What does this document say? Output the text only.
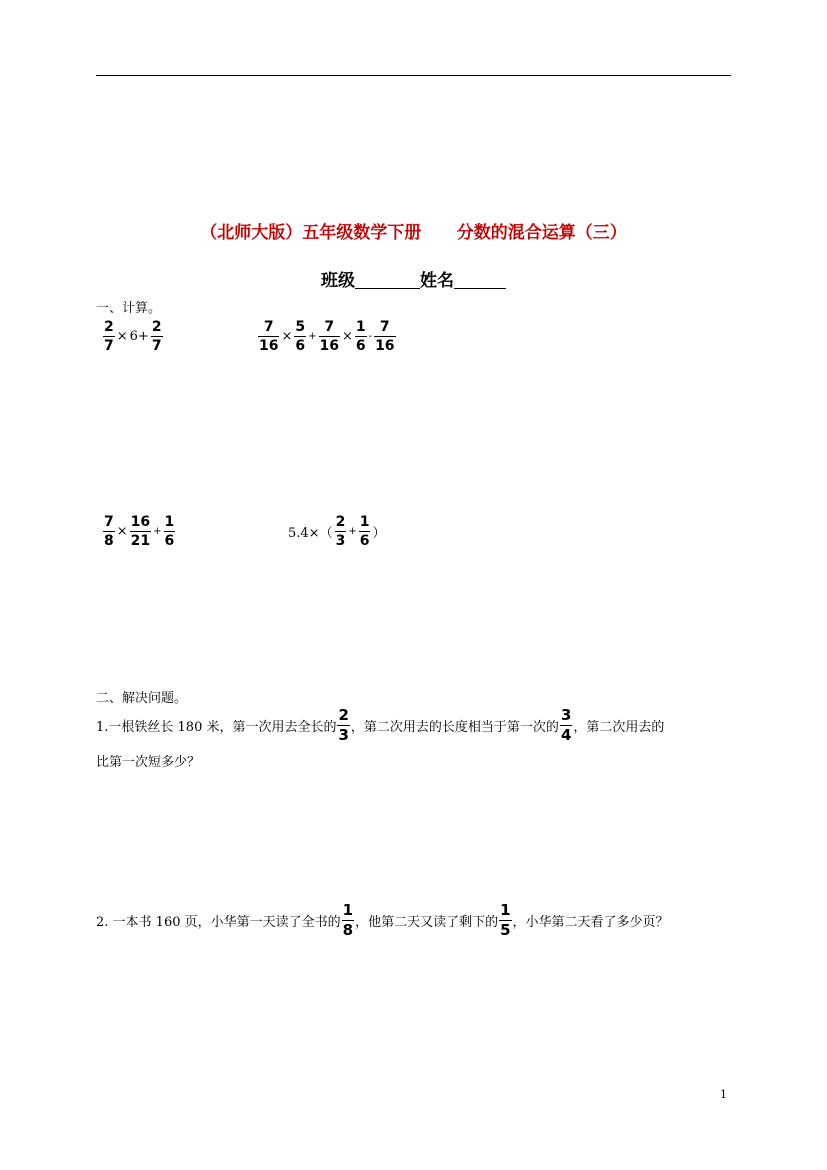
（北师大版）五年级数学下册      分数的混合运算（三）
班级	姓名
一、计算。
$\frac{2}{7} \times 6+ \frac{2}{7}$	$\frac{7}{16} \times \frac{5}{6} + \frac{7}{16} \times \frac{1}{6} - \frac{7}{16}$
$\frac{7}{8} \times \frac{16}{21} + \frac{1}{6}$	$5.4\times( \frac{2}{3} + \frac{1}{6}$ ）
二、解决问题。
1.一根铁丝长 180 米，第一次用去全长的 $\frac{2}{3}$ ，第二次用去的长度相当于第一次的 $\frac{3}{4}$ ，第二次用去的
比第一次短多少？
2. 一本书 160 页，小华第一天读了全书的 $\frac{1}{8}$ ，他第二天又读了剩下的 $\frac{1}{5}$ ，小华第二天看了多少页？
1
